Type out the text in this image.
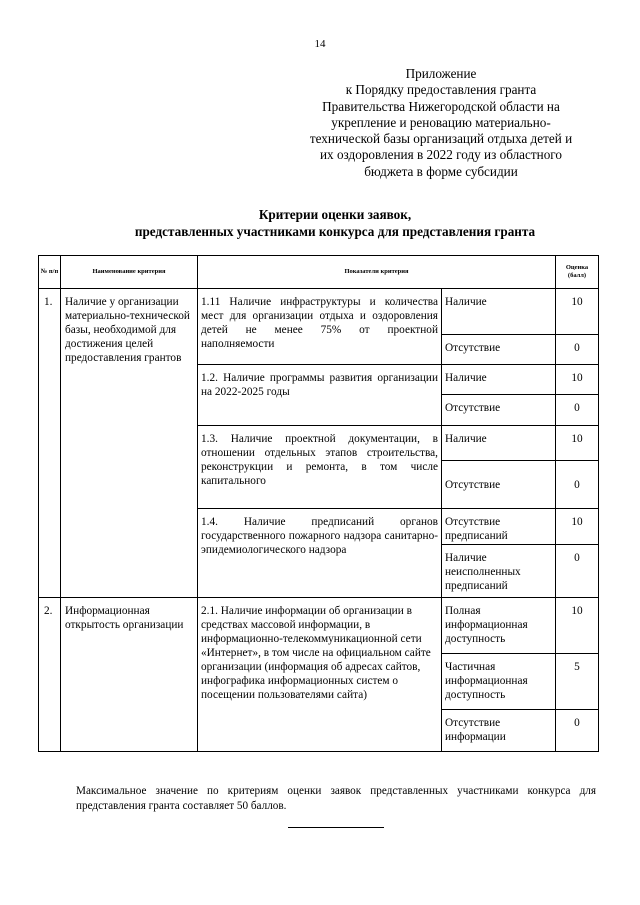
14
Приложение
к Порядку предоставления гранта
Правительства Нижегородской области на
укрепление и реновацию материально-
технической базы организаций отдыха детей и
их оздоровления в 2022 году из областного
бюджета в форме субсидии
Критерии оценки заявок,
представленных участниками конкурса для представления гранта
№ п/п	Наименование критерия	Показатели критерия		Оценка (балл)
1.	Наличие у организации материально-технической базы, необходимой для достижения целей предоставления грантов	1.11 Наличие инфраструктуры и количества мест для организации отдыха и оздоровления детей не менее 75% от проектной наполняемости	Наличие	10
			Отсутствие	0
		1.2. Наличие программы развития организации на 2022-2025 годы	Наличие	10
			Отсутствие	0
		1.3. Наличие проектной документации, в отношении отдельных этапов строительства, реконструкции и ремонта, в том числе капитального	Наличие	10
			Отсутствие	0
		1.4. Наличие предписаний органов государственного пожарного надзора санитарно-эпидемиологического надзора	Отсутствие предписаний	10
			Наличие неисполненных предписаний	0
2.	Информационная открытость организации	2.1. Наличие информации об организации в средствах массовой информации, в информационно-телекоммуникационной сети «Интернет», в том числе на официальном сайте организации (информация об адресах сайтов, инфографика информационных систем о посещении пользователями сайта)	Полная информационная доступность	10
			Частичная информационная доступность	5
			Отсутствие информации	0
Максимальное значение по критериям оценки заявок представленных участниками конкурса для представления гранта составляет 50 баллов.
